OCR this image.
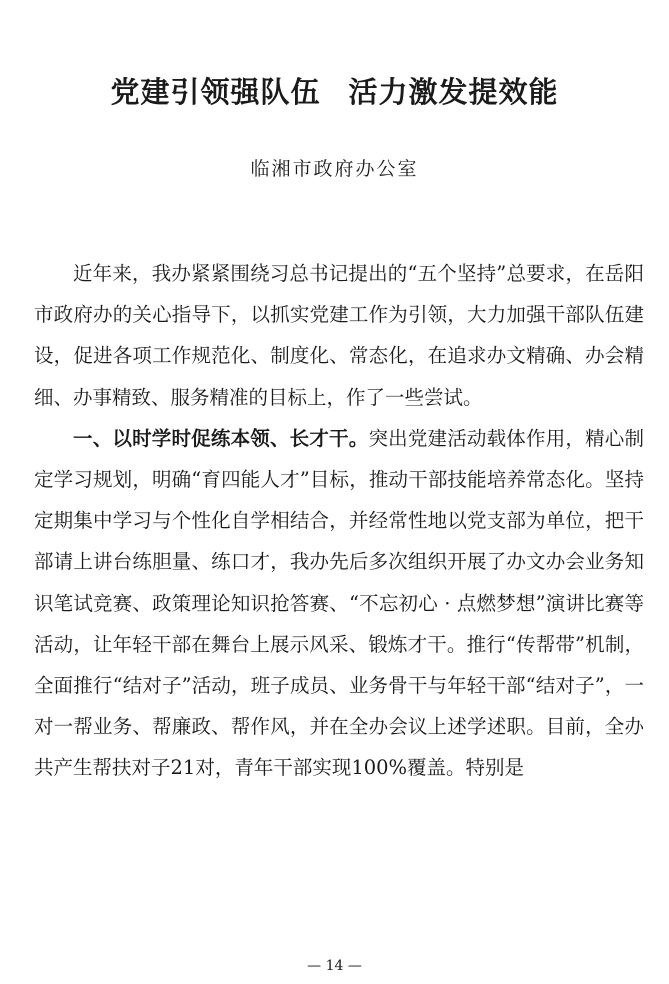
党建引领强队伍 活力激发提效能
临湘市政府办公室

近年来，我办紧紧围绕习总书记提出的“五个坚持”总要求，在岳阳市政府办的关心指导下，以抓实党建工作为引领，大力加强干部队伍建设，促进各项工作规范化、制度化、常态化，在追求办文精确、办会精细、办事精致、服务精准的目标上，作了一些尝试。

一、以时学时促练本领、长才干。突出党建活动载体作用，精心制定学习规划，明确“育四能人才”目标，推动干部技能培养常态化。坚持定期集中学习与个性化自学相结合，并经常性地以党支部为单位，把干部请上讲台练胆量、练口才，我办先后多次组织开展了办文办会业务知识笔试竞赛、政策理论知识抢答赛、“不忘初心 · 点燃梦想”演讲比赛等活动，让年轻干部在舞台上展示风采、锻炼才干。推行“传帮带”机制，全面推行“结对子”活动，班子成员、业务骨干与年轻干部“结对子”，一对一帮业务、帮廉政、帮作风，并在全办会议上述学述职。目前，全办共产生帮扶对子21对，青年干部实现100%覆盖。特别是

— 14 —
